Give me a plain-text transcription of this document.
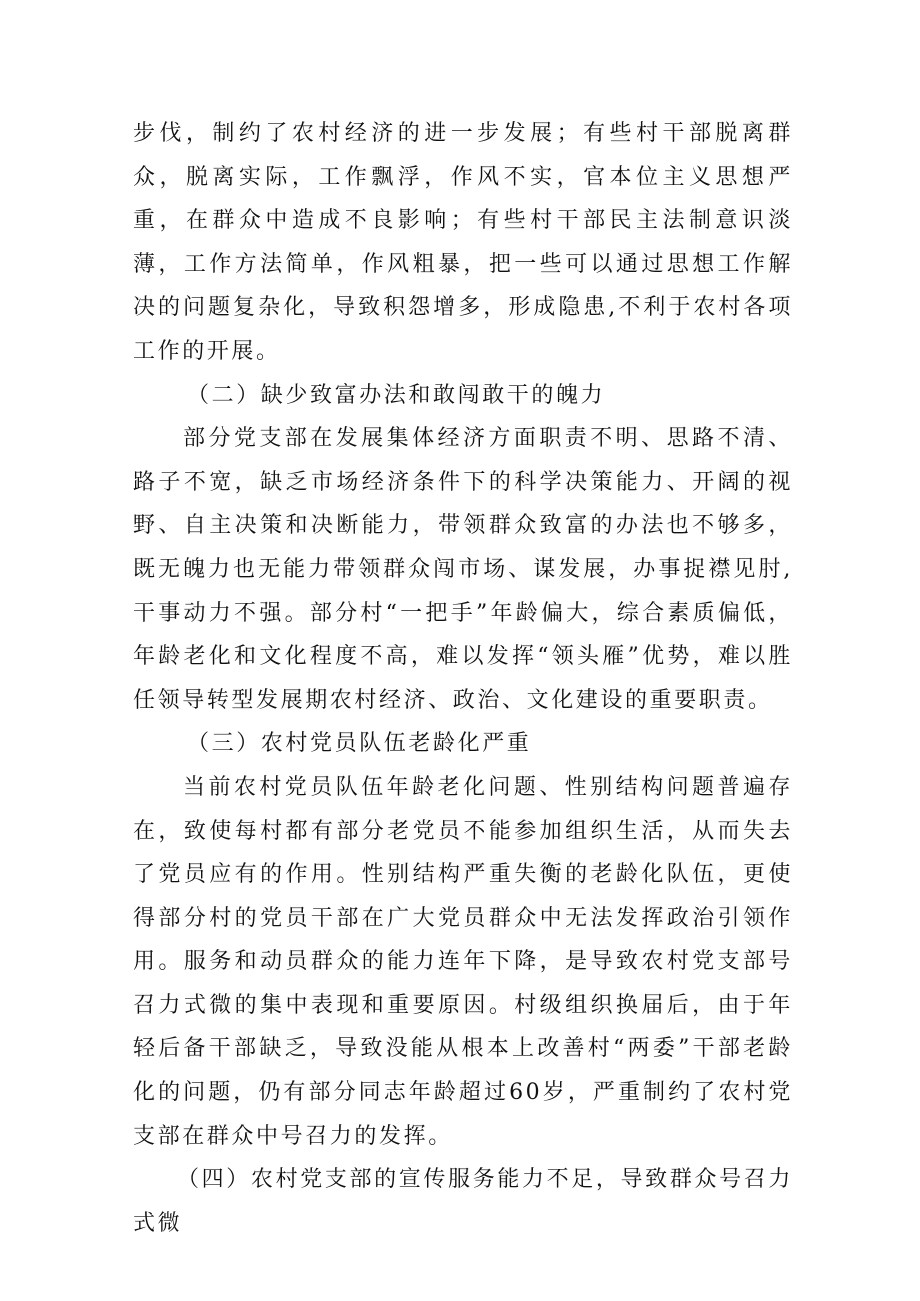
步伐，制约了农村经济的进一步发展；有些村干部脱离群众，脱离实际，工作飘浮，作风不实，官本位主义思想严重，在群众中造成不良影响；有些村干部民主法制意识淡薄，工作方法简单，作风粗暴，把一些可以通过思想工作解决的问题复杂化，导致积怨增多，形成隐患,不利于农村各项工作的开展。

（二）缺少致富办法和敢闯敢干的魄力

部分党支部在发展集体经济方面职责不明、思路不清、路子不宽，缺乏市场经济条件下的科学决策能力、开阔的视野、自主决策和决断能力，带领群众致富的办法也不够多，既无魄力也无能力带领群众闯市场、谋发展，办事捉襟见肘,干事动力不强。部分村“一把手”年龄偏大，综合素质偏低，年龄老化和文化程度不高，难以发挥“领头雁”优势，难以胜任领导转型发展期农村经济、政治、文化建设的重要职责。

（三）农村党员队伍老龄化严重

当前农村党员队伍年龄老化问题、性别结构问题普遍存在，致使每村都有部分老党员不能参加组织生活，从而失去了党员应有的作用。性别结构严重失衡的老龄化队伍，更使得部分村的党员干部在广大党员群众中无法发挥政治引领作用。服务和动员群众的能力连年下降，是导致农村党支部号召力式微的集中表现和重要原因。村级组织换届后，由于年轻后备干部缺乏，导致没能从根本上改善村“两委”干部老龄化的问题，仍有部分同志年龄超过60岁，严重制约了农村党支部在群众中号召力的发挥。

（四）农村党支部的宣传服务能力不足，导致群众号召力式微
